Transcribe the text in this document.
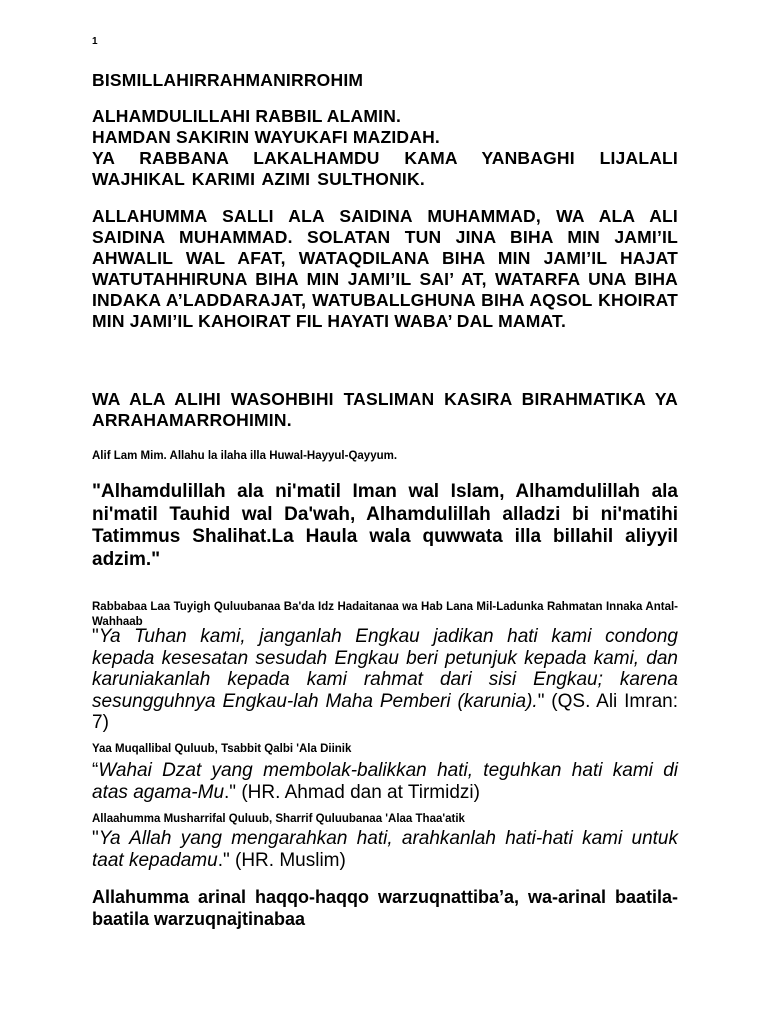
1
BISMILLAHIRRAHMANIRROHIM
ALHAMDULILLAHI RABBIL ALAMIN.
HAMDAN SAKIRIN WAYUKAFI MAZIDAH.
YA RABBANA LAKALHAMDU KAMA YANBAGHI LIJALALI WAJHIKAL KARIMI AZIMI SULTHONIK.
ALLAHUMMA SALLI ALA SAIDINA MUHAMMAD, WA ALA ALI SAIDINA MUHAMMAD. SOLATAN TUN JINA BIHA MIN JAMI’IL AHWALIL WAL AFAT, WATAQDILANA BIHA MIN JAMI’IL HAJAT WATUTAHHIRUNA BIHA MIN JAMI’IL SAI’ AT, WATARFA UNA BIHA INDAKA A’LADDARAJAT, WATUBALLGHUNA BIHA AQSOL KHOIRAT MIN JAMI’IL KAHOIRAT FIL HAYATI WABA’ DAL MAMAT.
WA ALA ALIHI WASOHBIHI TASLIMAN KASIRA BIRAHMATIKA YA ARRAHAMARROHIMIN.
Alif Lam Mim. Allahu la ilaha illa Huwal-Hayyul-Qayyum.
"Alhamdulillah ala ni'matil Iman wal Islam, Alhamdulillah ala ni'matil Tauhid wal Da'wah, Alhamdulillah alladzi bi ni'matihi Tatimmus Shalihat.La Haula wala quwwata illa billahil aliyyil adzim."
Rabbabaa Laa Tuyigh Quluubanaa Ba'da Idz Hadaitanaa wa Hab Lana Mil-Ladunka Rahmatan Innaka Antal-Wahhaab
"Ya Tuhan kami, janganlah Engkau jadikan hati kami condong kepada kesesatan sesudah Engkau beri petunjuk kepada kami, dan karuniakanlah kepada kami rahmat dari sisi Engkau; karena sesungguhnya Engkau-lah Maha Pemberi (karunia)." (QS. Ali Imran: 7)
Yaa Muqallibal Quluub, Tsabbit Qalbi 'Ala Diinik
“Wahai Dzat yang membolak-balikkan hati, teguhkan hati kami di atas agama-Mu." (HR. Ahmad dan at Tirmidzi)
Allaahumma Musharrifal Quluub, Sharrif Quluubanaa 'Alaa Thaa'atik
"Ya Allah yang mengarahkan hati, arahkanlah hati-hati kami untuk taat kepadamu." (HR. Muslim)
Allahumma arinal haqqo-haqqo warzuqnattiba’a, wa-arinal baatila-baatila warzuqnajtinabaa
